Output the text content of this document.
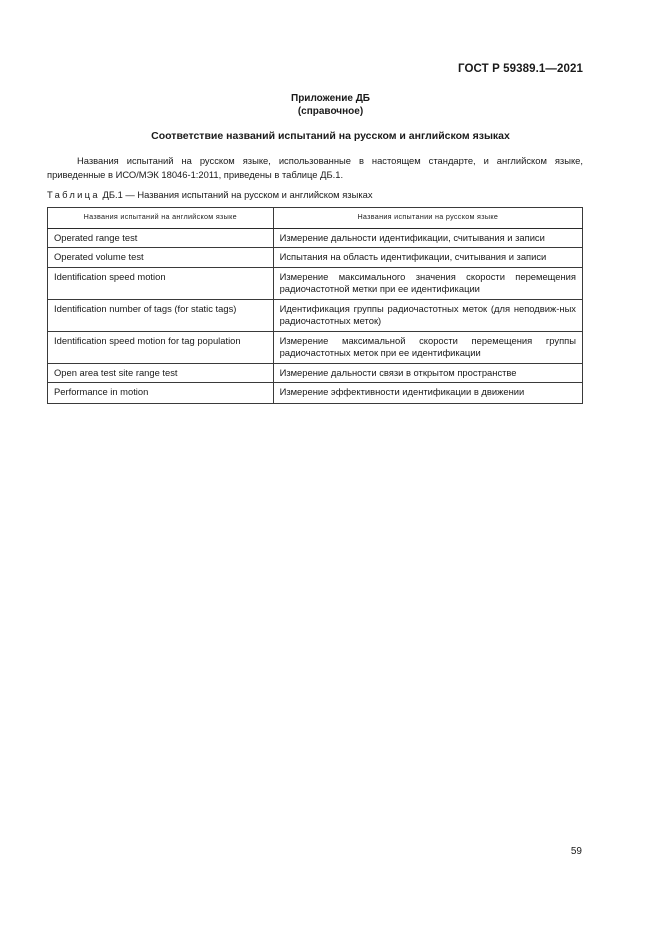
ГОСТ Р 59389.1—2021
Приложение ДБ
(справочное)
Соответствие названий испытаний на русском и английском языках
Названия испытаний на русском языке, использованные в настоящем стандарте, и английском языке, приведенные в ИСО/МЭК 18046-1:2011, приведены в таблице ДБ.1.
Таблица ДБ.1 — Названия испытаний на русском и английском языках
Названия испытаний на английском языке	Названия испытании на русском языке
Operated range test	Измерение дальности идентификации, считывания и записи
Operated volume test	Испытания на область идентификации, считывания и записи
Identification speed motion	Измерение максимального значения скорости перемещения радиочастотной метки при ее идентификации
Identification number of tags (for static tags)	Идентификация группы радиочастотных меток (для неподвиж-ных радиочастотных меток)
Identification speed motion for tag population	Измерение максимальной скорости перемещения группы радиочастотных меток при ее идентификации
Open area test site range test	Измерение дальности связи в открытом пространстве
Performance in motion	Измерение эффективности идентификации в движении
59
